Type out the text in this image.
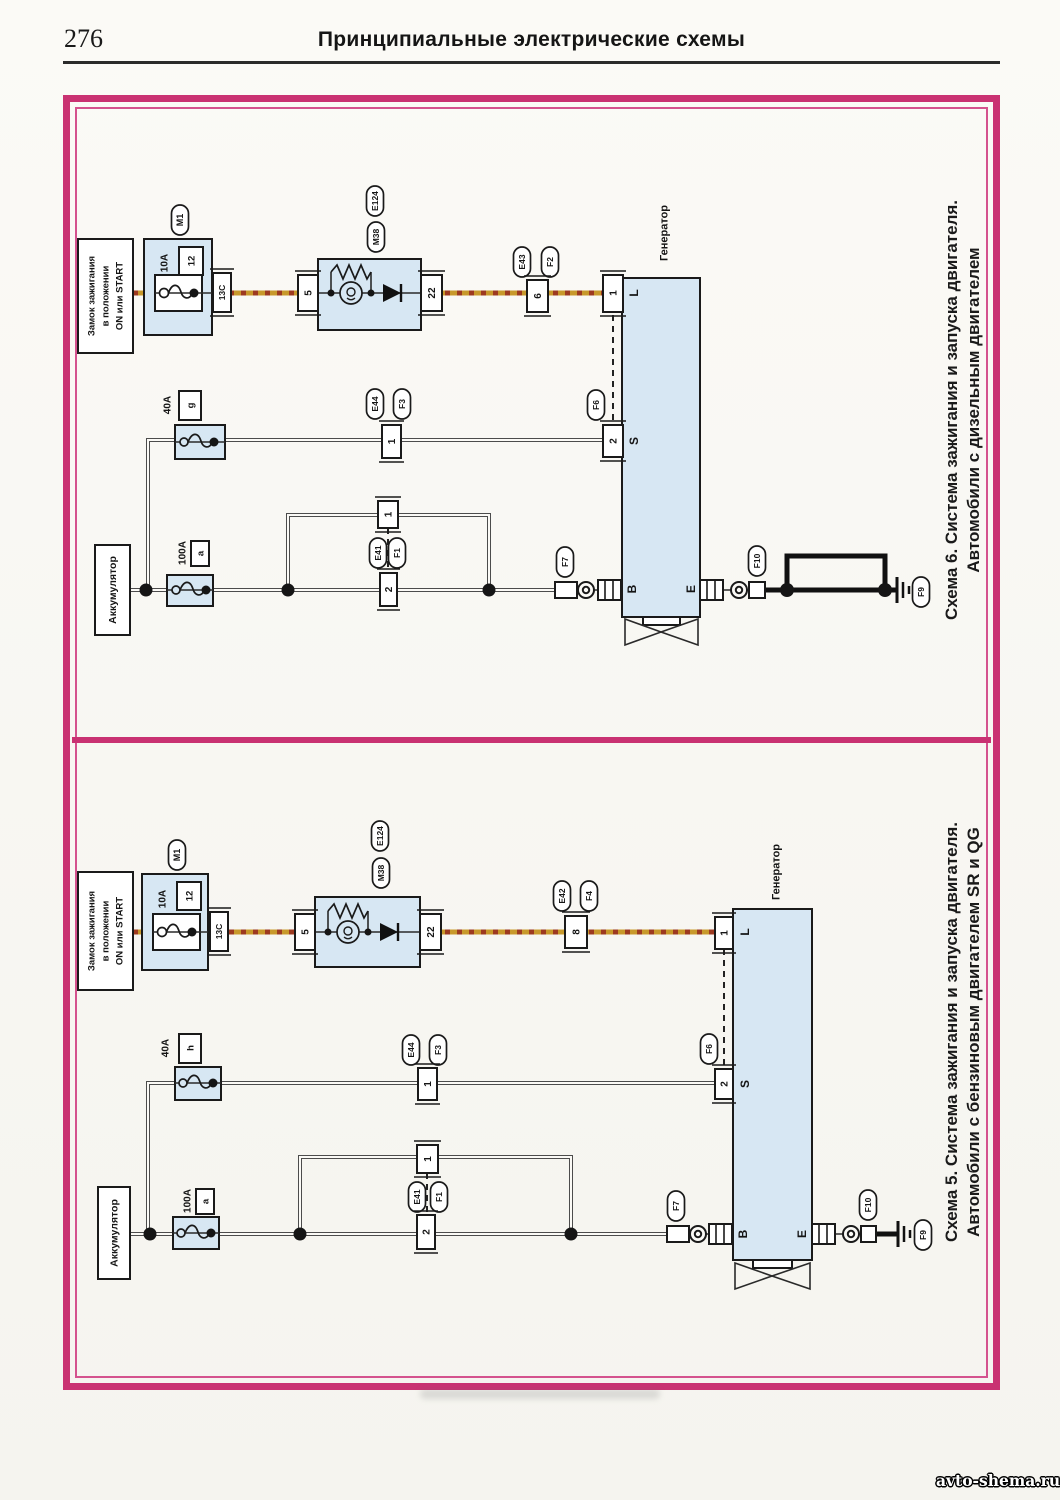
276	Принципиальные электрические схемы
Замок зажигания в положении ON или START
M1
10A 12
13C
E124
M38
5	22
E43 F2
6
Генератор
L
S
B	E
1
2
F6
40A g	E44 F3
1
Аккумулятор
100A a
1
E41 F1
2
F7	F10
F9 Схема 6. Система зажигания и запуска двигателя. Автомобили с дизельным двигателем
Замок зажигания в положении ON или START
M1
10A 12
13C
E124
M38
5	22
E42 F4
8
Генератор
L
S
B	E
1
2
F6
40A h	E44 F3
1
Аккумулятор	100A a
1
E41 F1
2
F7	F10
F9 Схема 5. Система зажигания и запуска двигателя. Автомобили с бензиновым двигателем SR и QG
avto-shema.ru
